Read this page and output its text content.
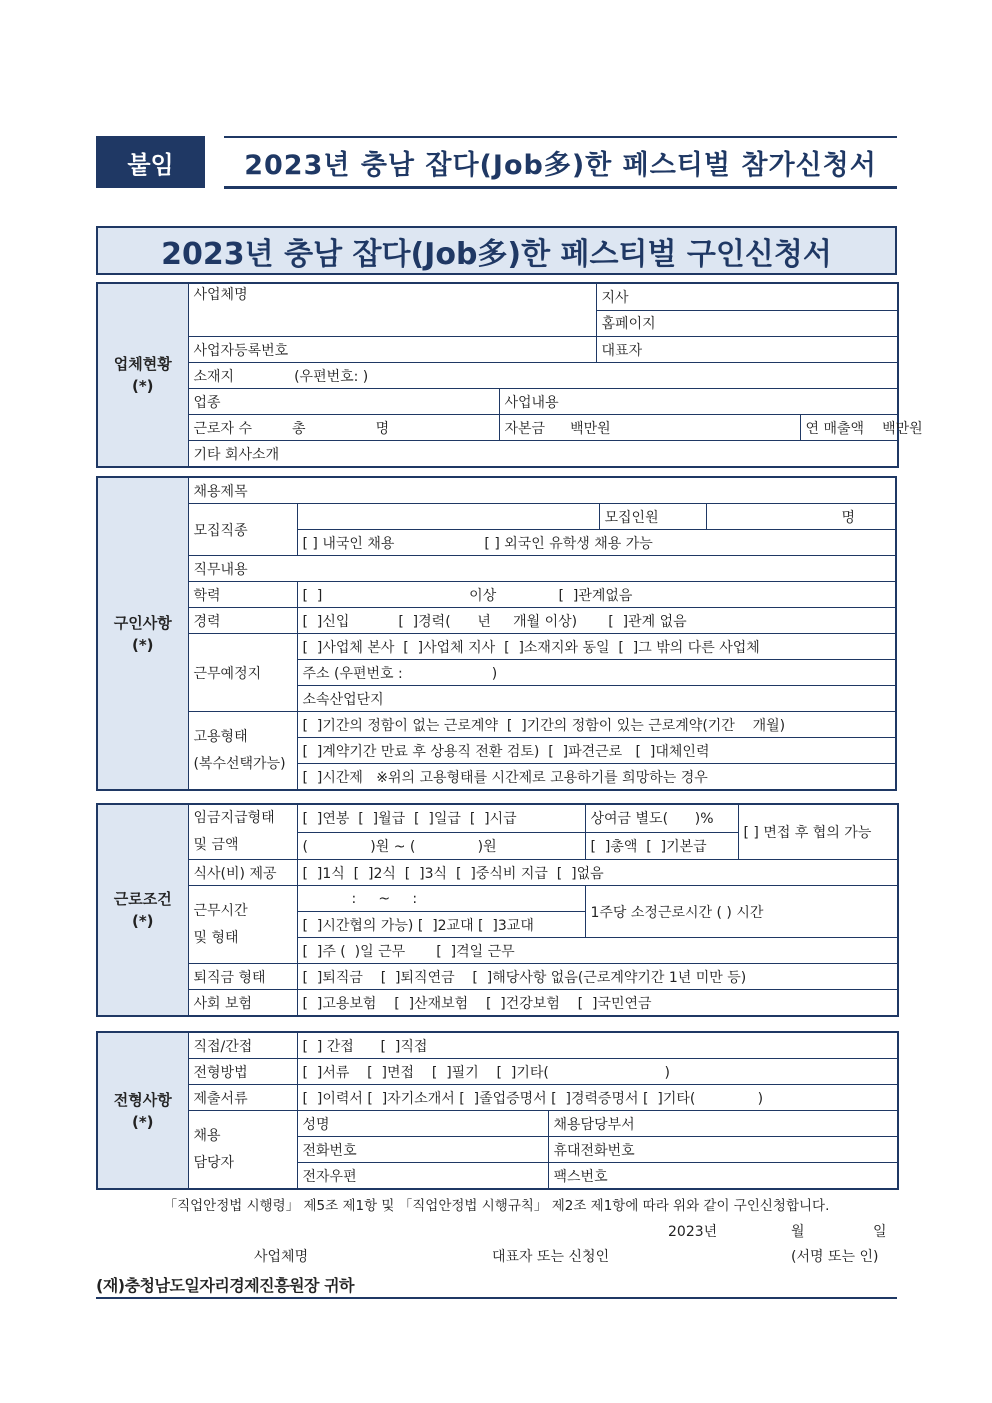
붙임	2023년 충남 잡다(Job多)한 페스티벌 참가신청서
2023년 충남 잡다(Job多)한 페스티벌 구인신청서
업체현황
(*)	사업체명		지사	
			홈페이지	
	사업자등록번호		대표자	
	소재지 (우편번호: )			
	업종	사업내용		
	근로자 수 총 명	자본금 백만원		연 매출액 백만원
	기타 회사소개			
구인사항
(*)	채용제목			
	모집직종		모집인원	명
		[ ] 내국인 채용 [ ] 외국인 유학생 채용 가능		
	직무내용			
	학력	[  ]                                 이상              [  ]관계없음		
	경력	[  ]신입           [  ]경력(      년     개월 이상)       [  ]관계 없음		
	근무예정지	[  ]사업체 본사  [  ]사업체 지사  [  ]소재지와 동일  [  ]그 밖의 다른 사업체		
		주소 (우편번호 :                    )		
		소속산업단지		
	고용형태
(복수선택가능)	[  ]기간의 정함이 없는 근로계약  [  ]기간의 정함이 있는 근로계약(기간    개월)		
		[  ]계약기간 만료 후 상용직 전환 검토)  [  ]파견근로   [  ]대체인력		
		[  ]시간제   ※위의 고용형태를 시간제로 고용하기를 희망하는 경우		
근로조건
(*)	임금지급형태
및 금액	[  ]연봉  [  ]월급  [  ]일급  [  ]시급	상여금 별도(      )%	[ ] 면접 후 협의 가능
		(              )원 ~ (              )원	[  ]총액  [  ]기본급	
	식사(비) 제공	[  ]1식  [  ]2식  [  ]3식  [  ]중식비 지급  [  ]없음		
	근무시간
및 형태	:     ~     :	1주당 소정근로시간 ( ) 시간	
		[  ]시간협의 가능) [  ]2교대 [  ]3교대		
		[  ]주 (  )일 근무       [  ]격일 근무		
	퇴직금 형태	[  ]퇴직금    [  ]퇴직연금    [  ]해당사항 없음(근로계약기간 1년 미만 등)		
	사회 보험	[  ]고용보험    [  ]산재보험    [  ]건강보험    [  ]국민연금		
전형사항
(*)	직접/간접	[  ] 간접      [  ]직접	
	전형방법	[  ]서류    [  ]면접    [  ]필기    [  ]기타(                          )	
	제출서류	[  ]이력서 [  ]자기소개서 [  ]졸업증명서 [  ]경력증명서 [  ]기타(              )	
	채용
담당자	성명	채용담당부서
		전화번호	휴대전화번호
		전자우편	팩스번호
「직업안정법 시행령」 제5조 제1항 및 「직업안정법 시행규칙」 제2조 제1항에 따라 위와 같이 구인신청합니다.
2023년	월	일
사업체명	대표자 또는 신청인	(서명 또는 인)
(재)충청남도일자리경제진흥원장 귀하
